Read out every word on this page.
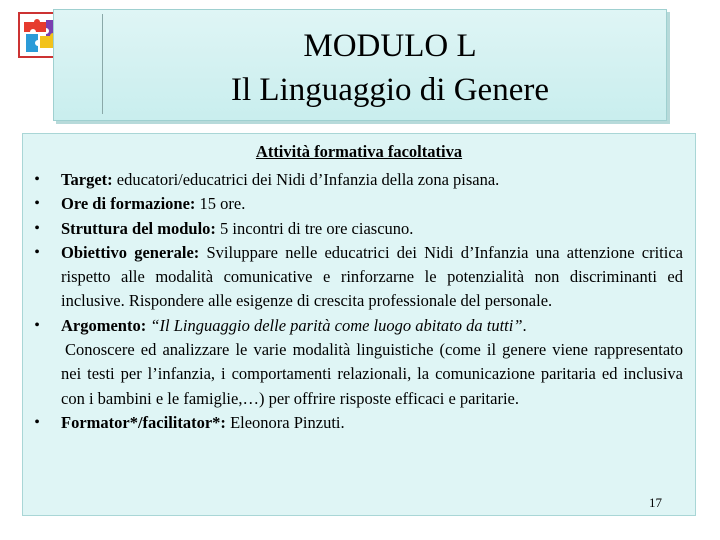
MODULO L
Il Linguaggio di Genere
Attività formativa facoltativa
• Target: educatori/educatrici dei Nidi d’Infanzia della zona pisana.
• Ore di formazione: 15 ore.
• Struttura del modulo: 5 incontri di tre ore ciascuno.
• Obiettivo generale: Sviluppare nelle educatrici dei Nidi d’Infanzia una attenzione critica rispetto alle modalità comunicative e rinforzarne le potenzialità non discriminanti ed inclusive. Rispondere alle esigenze di crescita professionale del personale.
• Argomento: “Il Linguaggio delle parità come luogo abitato da tutti”.
Conoscere ed analizzare le varie modalità linguistiche (come il genere viene rappresentato nei testi per l’infanzia, i comportamenti relazionali, la comunicazione paritaria ed inclusiva con i bambini e le famiglie,…) per offrire risposte efficaci e paritarie.
• Formator*/facilitator*: Eleonora Pinzuti.
17
